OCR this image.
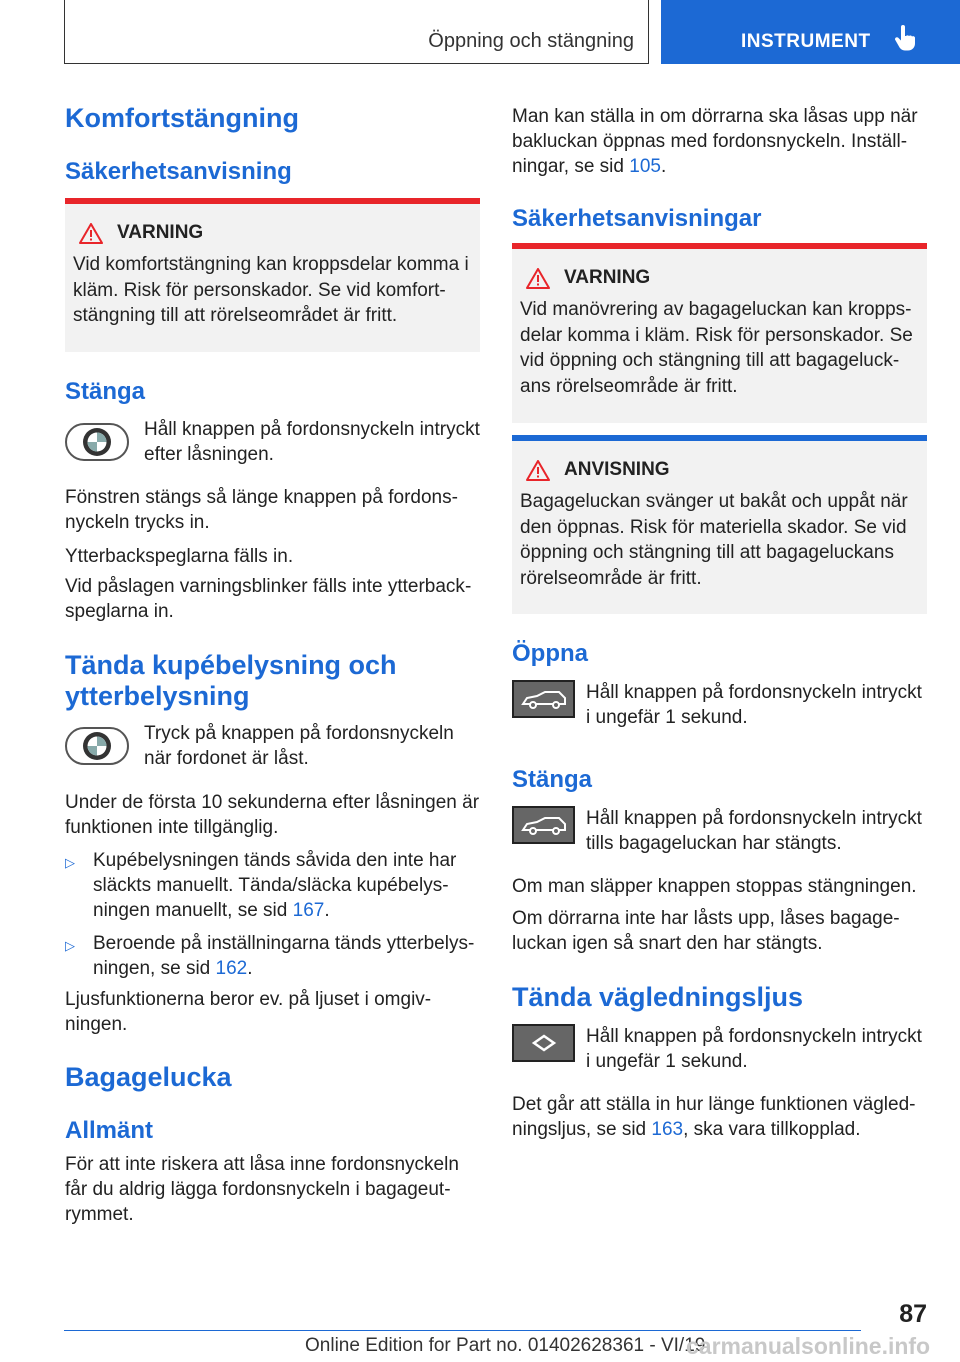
Öppning och stängning	INSTRUMENT
Komfortstängning
Säkerhetsanvisning
VARNING

Vid komfortstängning kan kroppsdelar komma i kläm. Risk för personskador. Se vid komfortstängning till att rörelseområdet är fritt.

Stänga
Håll knappen på fordonsnyckeln intryckt efter låsningen.

Fönstren stängs så länge knappen på fordonsnyckeln trycks in.

Ytterbackspeglarna fälls in.

Vid påslagen varningsblinker fälls inte ytterbackspeglarna in.

Tända kupébelysning och ytterbelysning
Tryck på knappen på fordonsnyckeln när fordonet är låst.

Under de första 10 sekunderna efter låsningen är funktionen inte tillgänglig.

▷ Kupébelysningen tänds såvida den inte har släckts manuellt. Tända/släcka kupébelysningen manuellt, se sid 167.
▷ Beroende på inställningarna tänds ytterbelysningen, se sid 162.

Ljusfunktionerna beror ev. på ljuset i omgivningen.

Bagagelucka
Allmänt

För att inte riskera att låsa inne fordonsnyckeln får du aldrig lägga fordonsnyckeln i bagageutrymmet.

Man kan ställa in om dörrarna ska låsas upp när bakluckan öppnas med fordonsnyckeln. Inställningar, se sid 105.

Säkerhetsanvisningar
VARNING

Vid manövrering av bagageluckan kan kroppsdelar komma i kläm. Risk för personskador. Se vid öppning och stängning till att bagageluckans rörelseområde är fritt.

ANVISNING

Bagageluckan svänger ut bakåt och uppåt när den öppnas. Risk för materiella skador. Se vid öppning och stängning till att bagageluckans rörelseområde är fritt.

Öppna
Håll knappen på fordonsnyckeln intryckt i ungefär 1 sekund.
Stänga
Håll knappen på fordonsnyckeln intryckt tills bagageluckan har stängts.

Om man släpper knappen stoppas stängningen.

Om dörrarna inte har låsts upp, låses bagageluckan igen så snart den har stängts.

Tända vägledningsljus
Håll knappen på fordonsnyckeln intryckt i ungefär 1 sekund.

Det går att ställa in hur länge funktionen vägledningsljus, se sid 163, ska vara tillkopplad.

87
Online Edition for Part no. 01402628361 - VI/19
carmanualsonline.info
